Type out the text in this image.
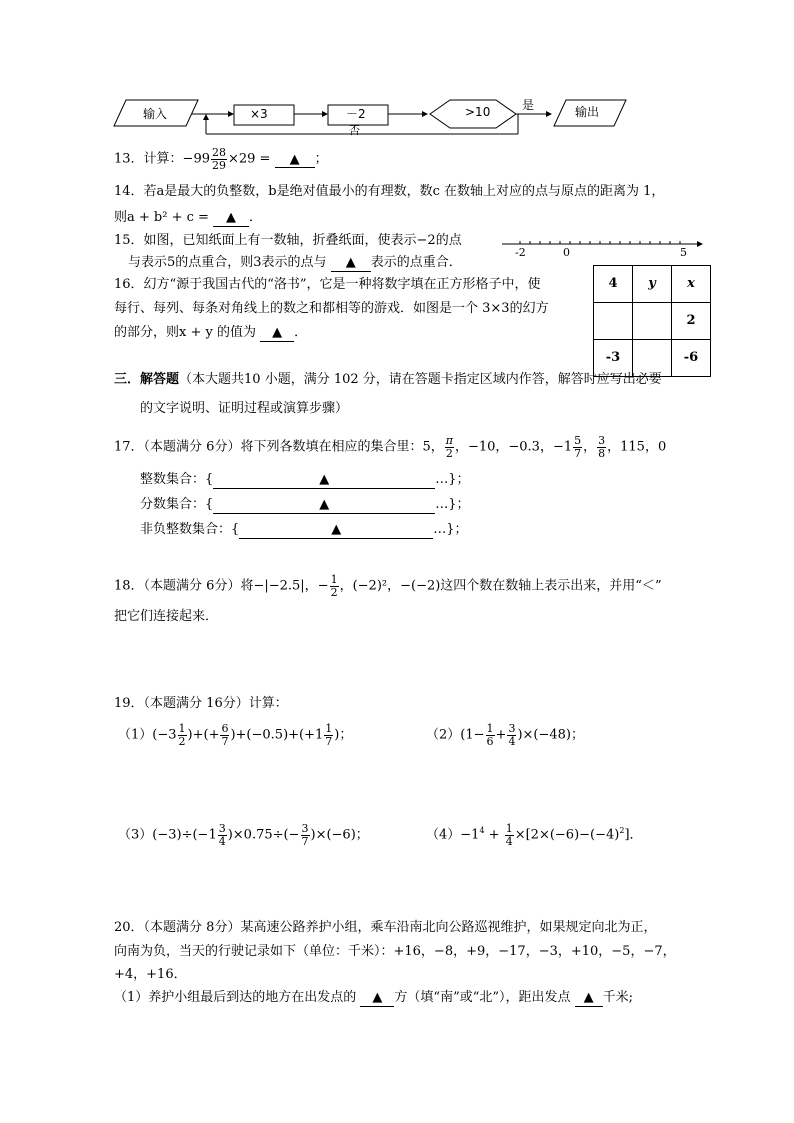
输入	×3	－2	>10	是	输出
否
13．计算：$-99 \frac{28}{29} \times 29$ = ▲ ；
14．若a是最大的负整数，b是绝对值最小的有理数，数c 在数轴上对应的点与原点的距离为 1，
则a + b² + c = ▲ ．
15．如图，已知纸面上有一数轴，折叠纸面，使表示−2的点
与表示5的点重合，则3表示的点与 ▲ 表示的点重合．
-2	0	5
16．幻方“源于我国古代的“洛书”，它是一种将数字填在正方形格子中，使
每行、每列、每条对角线上的数之和都相等的游戏．如图是一个 3×3的幻方
的部分，则x + y 的值为 ▲ ．
4	y	x
		2
-3		-6
三．解答题（本大题共10 小题，满分 102 分，请在答题卡指定区域内作答，解答时应写出必要
的文字说明、证明过程或演算步骤）
17．（本题满分 6分）将下列各数填在相应的集合里：5， $\frac{\pi}{2}$ ，−10，−0.3，$-1 \frac{5}{7}$ ， $\frac{3}{8}$ ，115，0
整数集合：{	▲	…}；
分数集合：{	▲	…}；
非负整数集合：{	▲	…}；
18．（本题满分 6分）将−|−2.5|，− $\frac{1}{2}$ ，(−2)²，−(−2)这四个数在数轴上表示出来，并用“＜”
把它们连接起来．
19．（本题满分 16分）计算：
$(1)(-3 \frac{1}{2}$ )+(+ $\frac{6}{7} )+(-0.5)+(+1 \frac{1}{7}$ )；	$(2)(1- \frac{1}{6} + \frac{3}{4} )\times(-48)$；
$(3)(-3)\div(-1 \frac{3}{4} )\times 0.75\div(- \frac{3}{7} )\times(-6)$；	$(4)-1^4 + \frac{1}{4} \times[2\times(-6)-(-4)^2]$．
20．（本题满分 8分）某高速公路养护小组，乘车沿南北向公路巡视维护，如果规定向北为正，
向南为负，当天的行驶记录如下（单位：千米）：+16，−8，+9，−17，−3，+10，−5，−7，
+4，+16．
（1）养护小组最后到达的地方在出发点的 ▲ 方（填“南”或“北”），距出发点 ▲ 千米;
